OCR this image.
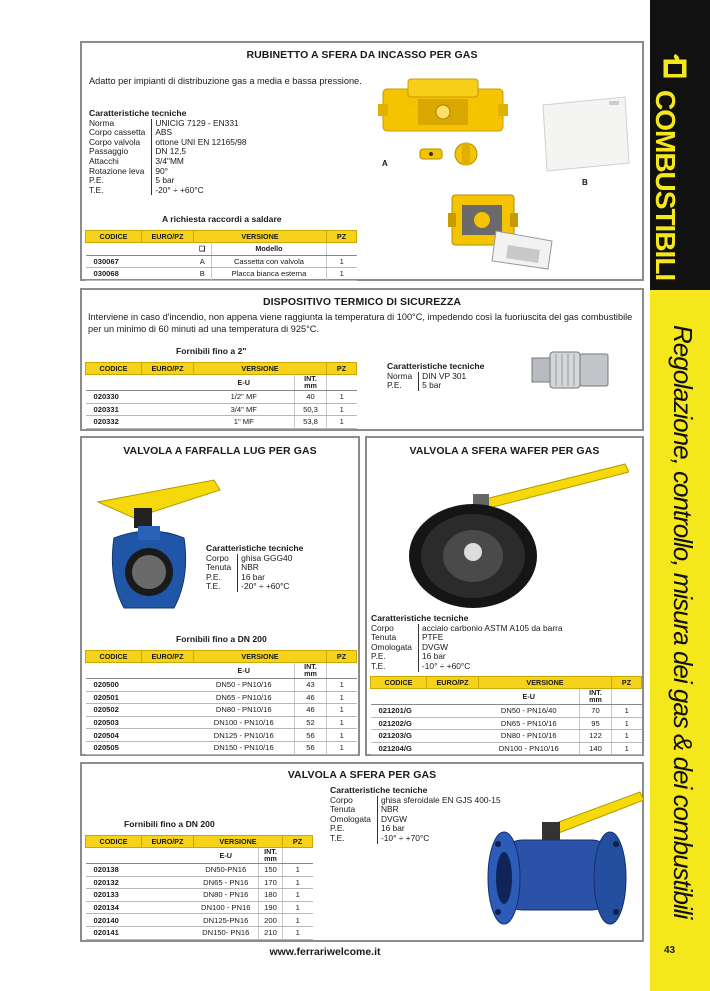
COMBUSTIBILI
Regolazione, controllo, misura dei gas & dei combustibili
43
RUBINETTO A SFERA DA INCASSO PER GAS
Adatto per impianti di distribuzione gas a media e bassa pressione.
Caratteristiche tecniche
Norma	UNICIG 7129 - EN331
Corpo cassetta	ABS
Corpo valvola	ottone UNI EN 12165/98
Passaggio	DN 12,5
Attacchi	3/4"MM
Rotazione leva	90°
P.E.	5 bar
T.E.	-20° ÷ +60°C
A richiesta raccordi a saldare
CODICE	EURO/PZ	VERSIONE		PZ
		❑	Modello	
030067		A	Cassetta con valvola	1
030068		B	Placca bianca esterna	1
A
B
DISPOSITIVO TERMICO DI SICUREZZA
Interviene in caso d'incendio, non appena viene raggiunta la temperatura di 100°C, impedendo così la fuoriuscita del gas combustibile per un minimo di 60 minuti ad una temperatura di 925°C.
Fornibili fino a 2"
CODICE	EURO/PZ	VERSIONE		PZ
		E-U	INT.
mm	
020330		1/2" MF	40	1
020331		3/4" MF	50,3	1
020332		1" MF	53,8	1
Caratteristiche tecniche
Norma	DIN VP 301
P.E.	5 bar
VALVOLA A FARFALLA LUG PER GAS
Caratteristiche tecniche
Corpo	ghisa GGG40
Tenuta	NBR
P.E.	16 bar
T.E.	-20° ÷ +60°C
Fornibili fino a DN 200
CODICE	EURO/PZ	VERSIONE		PZ
		E-U	INT.
mm	
020500		DN50 - PN10/16	43	1
020501		DN65 - PN10/16	46	1
020502		DN80 - PN10/16	46	1
020503		DN100 - PN10/16	52	1
020504		DN125 - PN10/16	56	1
020505		DN150 - PN10/16	56	1
VALVOLA A SFERA WAFER PER GAS
Caratteristiche tecniche
Corpo	acciaio carbonio ASTM A105 da barra
Tenuta	PTFE
Omologata	DVGW
P.E.	16 bar
T.E.	-10° ÷ +60°C
CODICE	EURO/PZ	VERSIONE		PZ
		E-U	INT.
mm	
021201/G		DN50 - PN16/40	70	1
021202/G		DN65 - PN10/16	95	1
021203/G		DN80 - PN10/16	122	1
021204/G		DN100 - PN10/16	140	1
VALVOLA A SFERA PER GAS
Caratteristiche tecniche
Corpo	ghisa sferoidale EN GJS 400-15
Tenuta	NBR
Omologata	DVGW
P.E.	16 bar
T.E.	-10° ÷ +70°C
Fornibili fino a DN 200
CODICE	EURO/PZ	VERSIONE		PZ
		E-U	INT.
mm	
020138		DN50-PN16	150	1
020132		DN65 - PN16	170	1
020133		DN80 - PN16	180	1
020134		DN100 - PN16	190	1
020140		DN125-PN16	200	1
020141		DN150- PN16	210	1
www.ferrariwelcome.it
